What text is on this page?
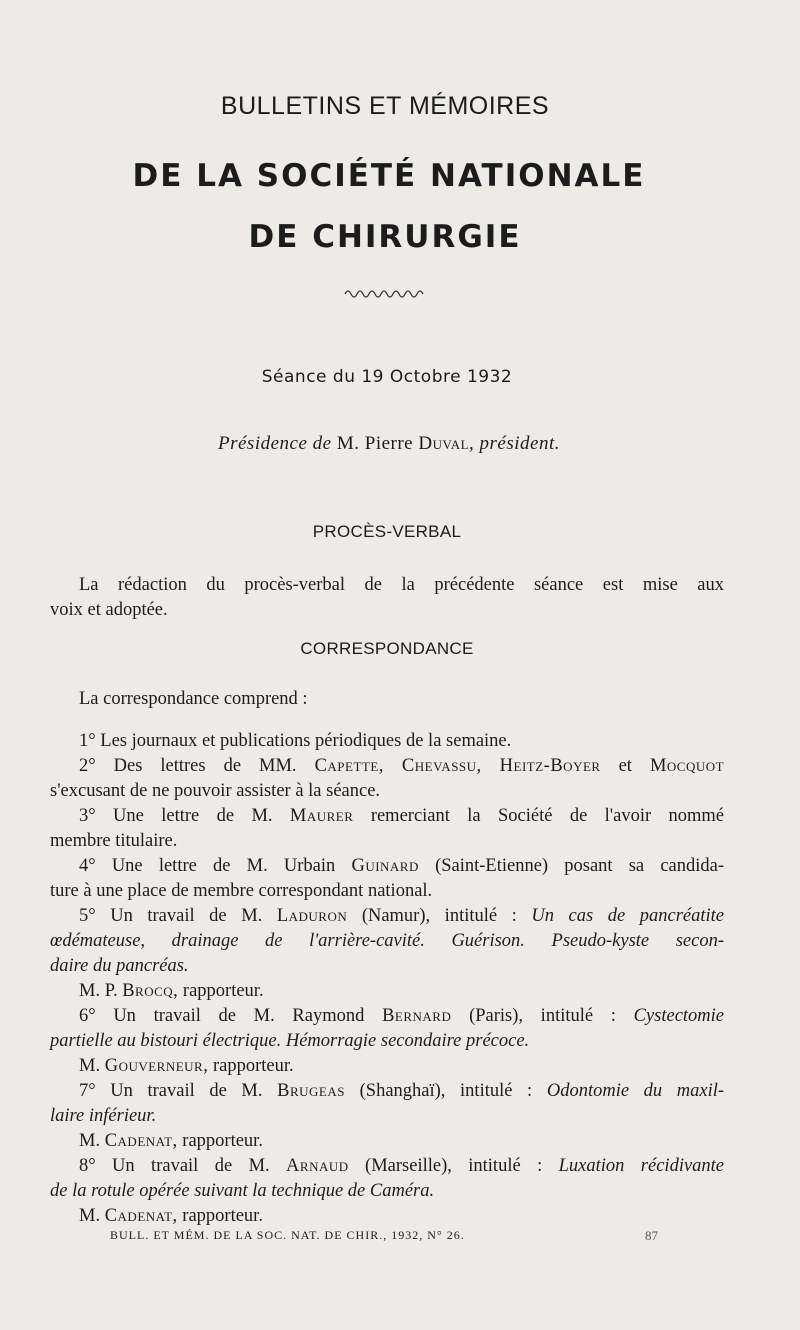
BULLETINS ET MÉMOIRES
DE LA SOCIÉTÉ NATIONALE
DE CHIRURGIE
Séance du 19 Octobre 1932
Présidence de M. Pierre Duval, président.
PROCÈS-VERBAL
La rédaction du procès-verbal de la précédente séance est mise aux
voix et adoptée.
CORRESPONDANCE
La correspondance comprend :
1° Les journaux et publications périodiques de la semaine.
2° Des lettres de MM. Capette, Chevassu, Heitz-Boyer et Mocquot
s'excusant de ne pouvoir assister à la séance.
3° Une lettre de M. Maurer remerciant la Société de l'avoir nommé
membre titulaire.
4° Une lettre de M. Urbain Guinard (Saint-Etienne) posant sa candida-
ture à une place de membre correspondant national.
5° Un travail de M. Laduron (Namur), intitulé : Un cas de pancréatite
œdémateuse, drainage de l'arrière-cavité. Guérison. Pseudo-kyste secon-
daire du pancréas.
M. P. Brocq, rapporteur.
6° Un travail de M. Raymond Bernard (Paris), intitulé : Cystectomie
partielle au bistouri électrique. Hémorragie secondaire précoce.
M. Gouverneur, rapporteur.
7° Un travail de M. Brugeas (Shanghaï), intitulé : Odontomie du maxil-
laire inférieur.
M. Cadenat, rapporteur.
8° Un travail de M. Arnaud (Marseille), intitulé : Luxation récidivante
de la rotule opérée suivant la technique de Caméra.
M. Cadenat, rapporteur.
BULL. ET MÉM. DE LA SOC. NAT. DE CHIR., 1932, N° 26.	87
